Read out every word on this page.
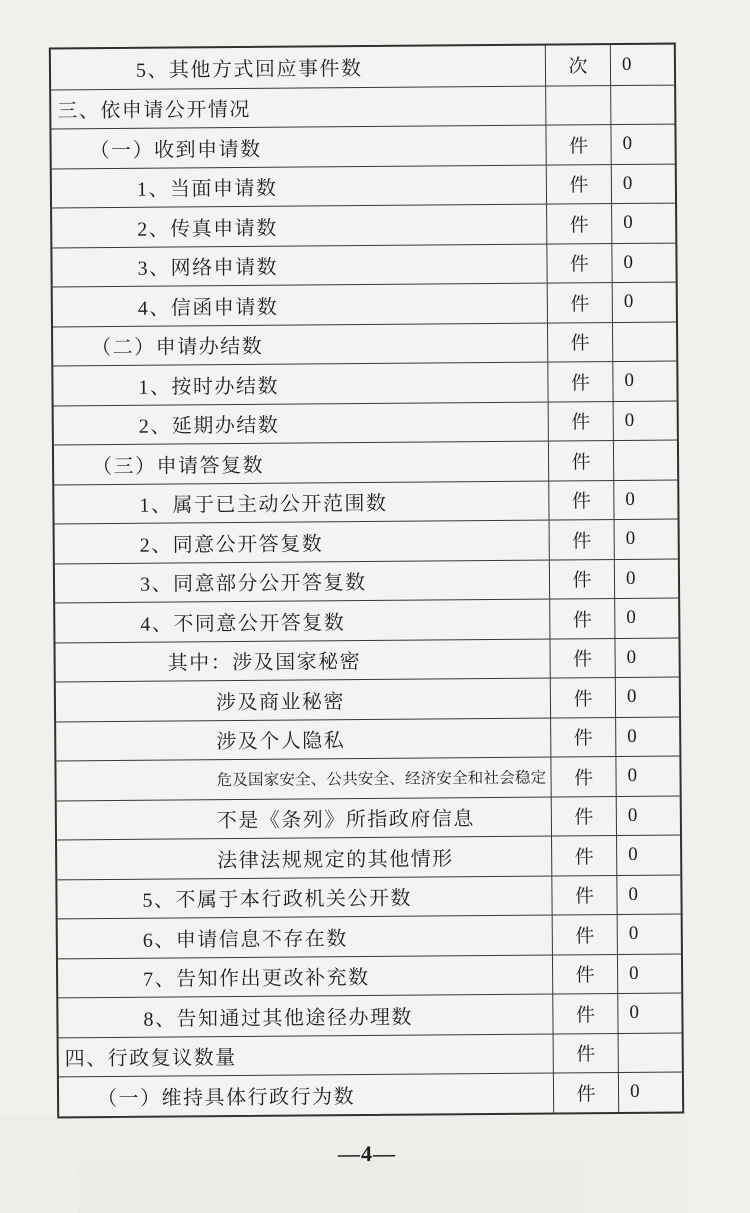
5、其他方式回应事件数	次	0
三、依申请公开情况
（一）收到申请数	件	0
1、当面申请数	件	0
2、传真申请数	件	0
3、网络申请数	件	0
4、信函申请数	件	0
（二）申请办结数	件
1、按时办结数	件	0
2、延期办结数	件	0
（三）申请答复数	件
1、属于已主动公开范围数	件	0
2、同意公开答复数	件	0
3、同意部分公开答复数	件	0
4、不同意公开答复数	件	0
其中：涉及国家秘密	件	0
涉及商业秘密	件	0
涉及个人隐私	件	0
危及国家安全、公共安全、经济安全和社会稳定	件	0
不是《条列》所指政府信息	件	0
法律法规规定的其他情形	件	0
5、不属于本行政机关公开数	件	0
6、申请信息不存在数	件	0
7、告知作出更改补充数	件	0
8、告知通过其他途径办理数	件	0
四、行政复议数量	件
（一）维持具体行政行为数	件	0
—4—
